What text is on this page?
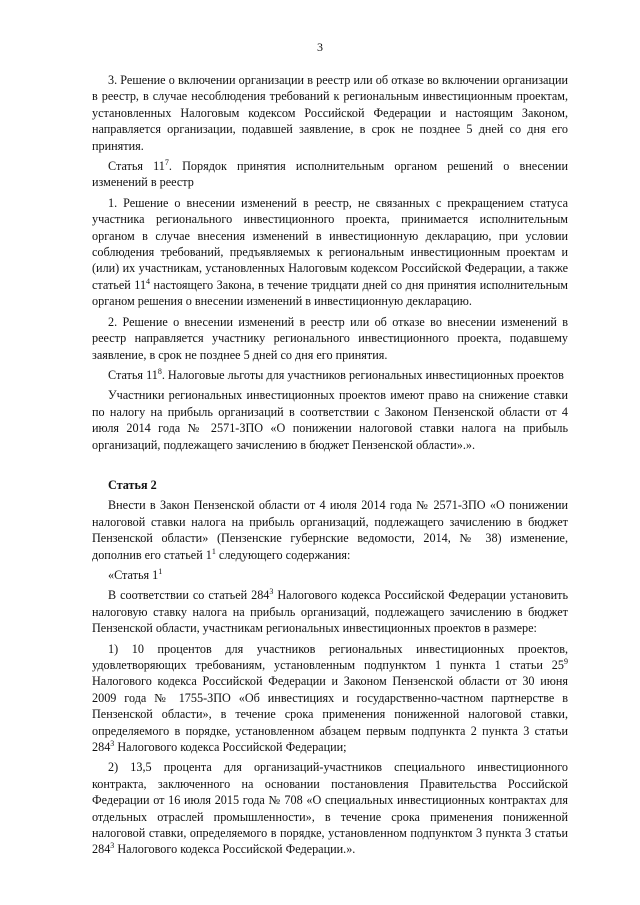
3

3. Решение о включении организации в реестр или об отказе во включении организации в реестр, в случае несоблюдения требований к региональным инвестиционным проектам, установленных Налоговым кодексом Российской Федерации и настоящим Законом, направляется организации, подавшей заявление, в срок не позднее 5 дней со дня его принятия.

Статья $11^7$. Порядок принятия исполнительным органом решений о внесении изменений в реестр

1. Решение о внесении изменений в реестр, не связанных с прекращением статуса участника регионального инвестиционного проекта, принимается исполнительным органом в случае внесения изменений в инвестиционную декларацию, при условии соблюдения требований, предъявляемых к региональным инвестиционным проектам и (или) их участникам, установленных Налоговым кодексом Российской Федерации, а также статьей $11^4$ настоящего Закона, в течение тридцати дней со дня принятия исполнительным органом решения о внесении изменений в инвестиционную декларацию.

2. Решение о внесении изменений в реестр или об отказе во внесении изменений в реестр направляется участнику регионального инвестиционного проекта, подавшему заявление, в срок не позднее 5 дней со дня его принятия.

Статья $11^8$. Налоговые льготы для участников региональных инвестиционных проектов

Участники региональных инвестиционных проектов имеют право на снижение ставки по налогу на прибыль организаций в соответствии с Законом Пензенской области от 4 июля 2014 года № 2571-ЗПО «О понижении налоговой ставки налога на прибыль организаций, подлежащего зачислению в бюджет Пензенской области».».

Статья 2

Внести в Закон Пензенской области от 4 июля 2014 года № 2571-ЗПО «О понижении налоговой ставки налога на прибыль организаций, подлежащего зачислению в бюджет Пензенской области» (Пензенские губернские ведомости, 2014, № 38) изменение, дополнив его статьей $1^1$ следующего содержания:

«Статья $1^1$

В соответствии со статьей $284^3$ Налогового кодекса Российской Федерации установить налоговую ставку налога на прибыль организаций, подлежащего зачислению в бюджет Пензенской области, участникам региональных инвестиционных проектов в размере:

1) 10 процентов для участников региональных инвестиционных проектов, удовлетворяющих требованиям, установленным подпунктом 1 пункта 1 статьи $25^9$ Налогового кодекса Российской Федерации и Законом Пензенской области от 30 июня 2009 года № 1755-ЗПО «Об инвестициях и государственно-частном партнерстве в Пензенской области», в течение срока применения пониженной налоговой ставки, определяемого в порядке, установленном абзацем первым подпункта 2 пункта 3 статьи $284^3$ Налогового кодекса Российской Федерации;

2) 13,5 процента для организаций-участников специального инвестиционного контракта, заключенного на основании постановления Правительства Российской Федерации от 16 июля 2015 года № 708 «О специальных инвестиционных контрактах для отдельных отраслей промышленности», в течение срока применения пониженной налоговой ставки, определяемого в порядке, установленном подпунктом 3 пункта 3 статьи $284^3$ Налогового кодекса Российской Федерации.».
